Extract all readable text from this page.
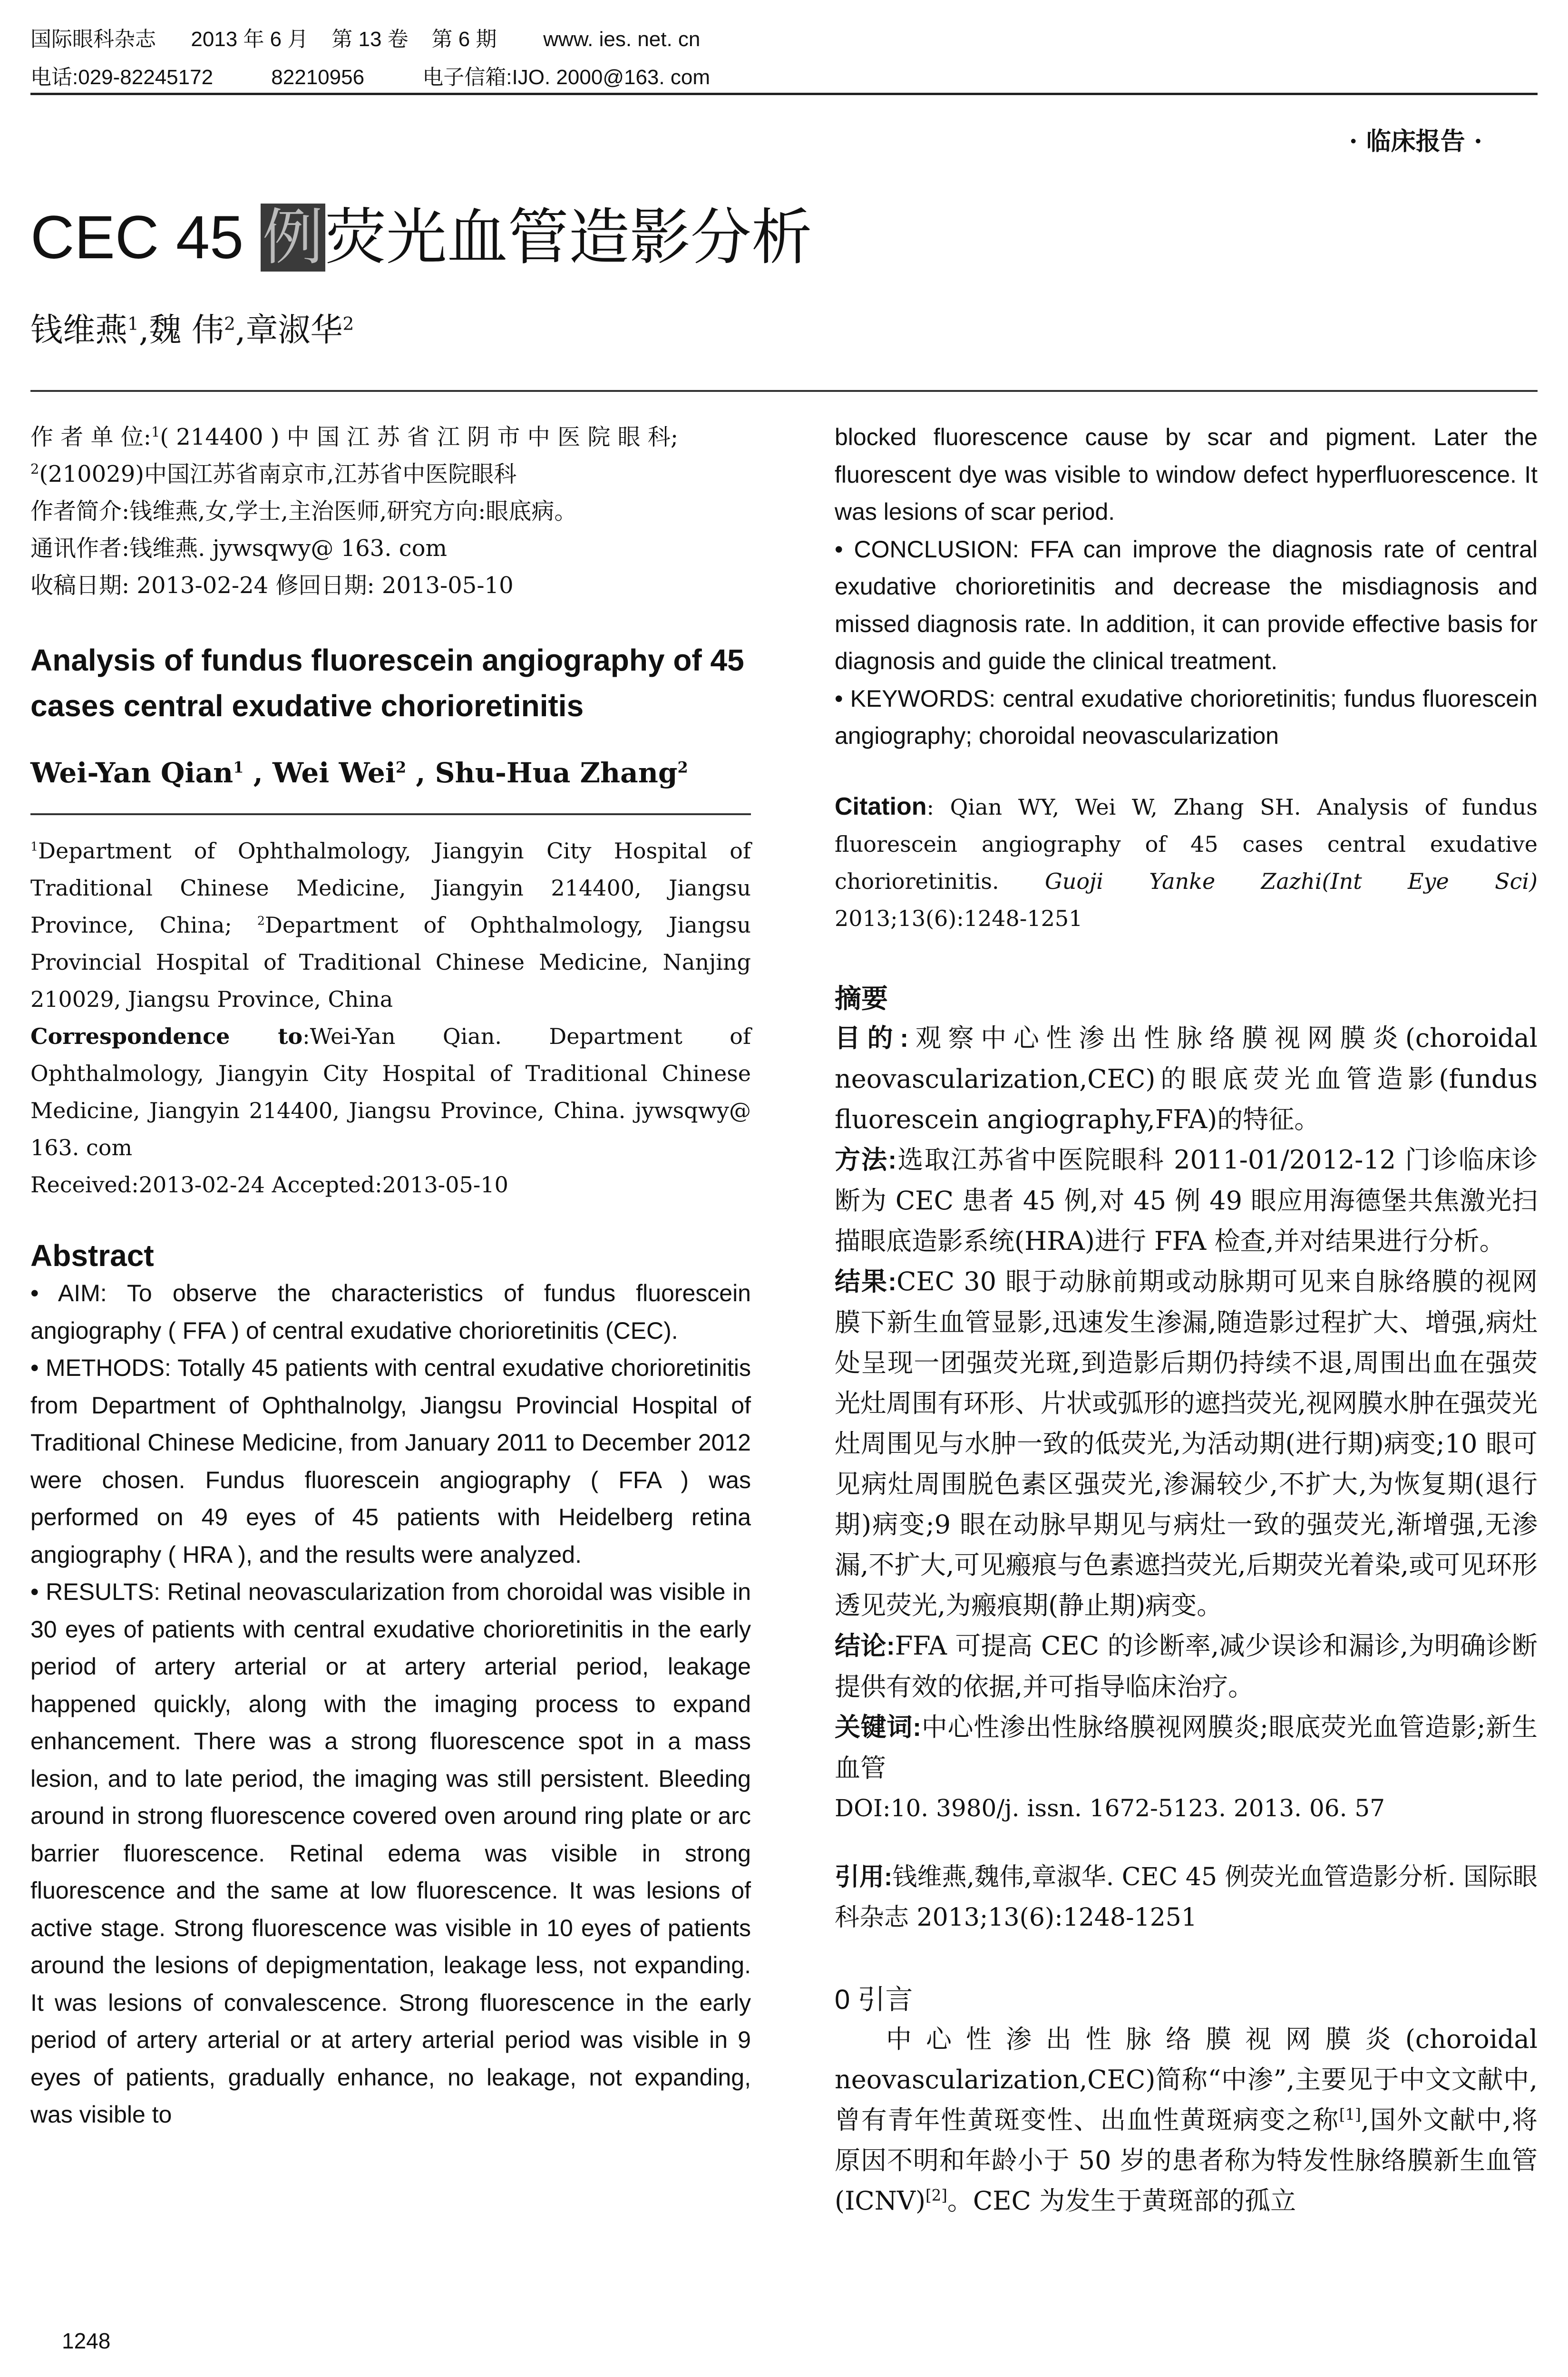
国际眼科杂志      2013 年 6 月    第 13 卷    第 6 期        www. ies. net. cn
电话:029-82245172          82210956          电子信箱:IJO. 2000@163. com
· 临床报告 ·
CEC 45 例荧光血管造影分析
钱维燕$^1$,魏 伟$^2$,章淑华$^2$

作 者 单 位:$^1$( 214400 ) 中 国 江 苏 省 江 阴 市 中 医 院 眼 科;

$^2$(210029)中国江苏省南京市,江苏省中医院眼科

作者简介:钱维燕,女,学士,主治医师,研究方向:眼底病。

通讯作者:钱维燕. jywsqwy@ 163. com

收稿日期: 2013-02-24 修回日期: 2013-05-10

Analysis of fundus fluorescein angiography of 45 cases central exudative chorioretinitis
Wei-Yan Qian$^1$ , Wei Wei$^2$ , Shu-Hua Zhang$^2$

$^1$Department of Ophthalmology, Jiangyin City Hospital of Traditional Chinese Medicine, Jiangyin 214400, Jiangsu Province, China; $^2$Department of Ophthalmology, Jiangsu Provincial Hospital of Traditional Chinese Medicine, Nanjing 210029, Jiangsu Province, China

Correspondence to:Wei-Yan Qian. Department of Ophthalmology, Jiangyin City Hospital of Traditional Chinese Medicine, Jiangyin 214400, Jiangsu Province, China. jywsqwy@ 163. com

Received:2013-02-24 Accepted:2013-05-10

Abstract

• AIM: To observe the characteristics of fundus fluorescein angiography ( FFA ) of central exudative chorioretinitis (CEC).

• METHODS: Totally 45 patients with central exudative chorioretinitis from Department of Ophthalnolgy, Jiangsu Provincial Hospital of Traditional Chinese Medicine, from January 2011 to December 2012 were chosen. Fundus fluorescein angiography ( FFA ) was performed on 49 eyes of 45 patients with Heidelberg retina angiography ( HRA ), and the results were analyzed.

• RESULTS: Retinal neovascularization from choroidal was visible in 30 eyes of patients with central exudative chorioretinitis in the early period of artery arterial or at artery arterial period, leakage happened quickly, along with the imaging process to expand enhancement. There was a strong fluorescence spot in a mass lesion, and to late period, the imaging was still persistent. Bleeding around in strong fluorescence covered oven around ring plate or arc barrier fluorescence. Retinal edema was visible in strong fluorescence and the same at low fluorescence. It was lesions of active stage. Strong fluorescence was visible in 10 eyes of patients around the lesions of depigmentation, leakage less, not expanding. It was lesions of convalescence. Strong fluorescence in the early period of artery arterial or at artery arterial period was visible in 9 eyes of patients, gradually enhance, no leakage, not expanding, was visible to

blocked fluorescence cause by scar and pigment. Later the fluorescent dye was visible to window defect hyperfluorescence. It was lesions of scar period.

• CONCLUSION: FFA can improve the diagnosis rate of central exudative chorioretinitis and decrease the misdiagnosis and missed diagnosis rate. In addition, it can provide effective basis for diagnosis and guide the clinical treatment.

• KEYWORDS: central exudative chorioretinitis; fundus fluorescein angiography; choroidal neovascularization

Citation: Qian WY, Wei W, Zhang SH. Analysis of fundus fluorescein angiography of 45 cases central exudative chorioretinitis. Guoji Yanke Zazhi(Int Eye Sci) 2013;13(6):1248-1251
摘要

目的:观察中心性渗出性脉络膜视网膜炎(choroidal neovascularization,CEC)的眼底荧光血管造影(fundus fluorescein angiography,FFA)的特征。

方法:选取江苏省中医院眼科 2011-01/2012-12 门诊临床诊断为 CEC 患者 45 例,对 45 例 49 眼应用海德堡共焦激光扫描眼底造影系统(HRA)进行 FFA 检查,并对结果进行分析。

结果:CEC 30 眼于动脉前期或动脉期可见来自脉络膜的视网膜下新生血管显影,迅速发生渗漏,随造影过程扩大、增强,病灶处呈现一团强荧光斑,到造影后期仍持续不退,周围出血在强荧光灶周围有环形、片状或弧形的遮挡荧光,视网膜水肿在强荧光灶周围见与水肿一致的低荧光,为活动期(进行期)病变;10 眼可见病灶周围脱色素区强荧光,渗漏较少,不扩大,为恢复期(退行期)病变;9 眼在动脉早期见与病灶一致的强荧光,渐增强,无渗漏,不扩大,可见瘢痕与色素遮挡荧光,后期荧光着染,或可见环形透见荧光,为瘢痕期(静止期)病变。

结论:FFA 可提高 CEC 的诊断率,减少误诊和漏诊,为明确诊断提供有效的依据,并可指导临床治疗。

关键词:中心性渗出性脉络膜视网膜炎;眼底荧光血管造影;新生血管

DOI:10. 3980/j. issn. 1672-5123. 2013. 06. 57

引用:钱维燕,魏伟,章淑华. CEC 45 例荧光血管造影分析. 国际眼科杂志 2013;13(6):1248-1251
0 引言

中心性渗出性脉络膜视网膜炎(choroidal neovascularization,CEC)简称“中渗”,主要见于中文文献中,曾有青年性黄斑变性、出血性黄斑病变之称[1],国外文献中,将原因不明和年龄小于 50 岁的患者称为特发性脉络膜新生血管(ICNV)[2]。CEC 为发生于黄斑部的孤立

1248
